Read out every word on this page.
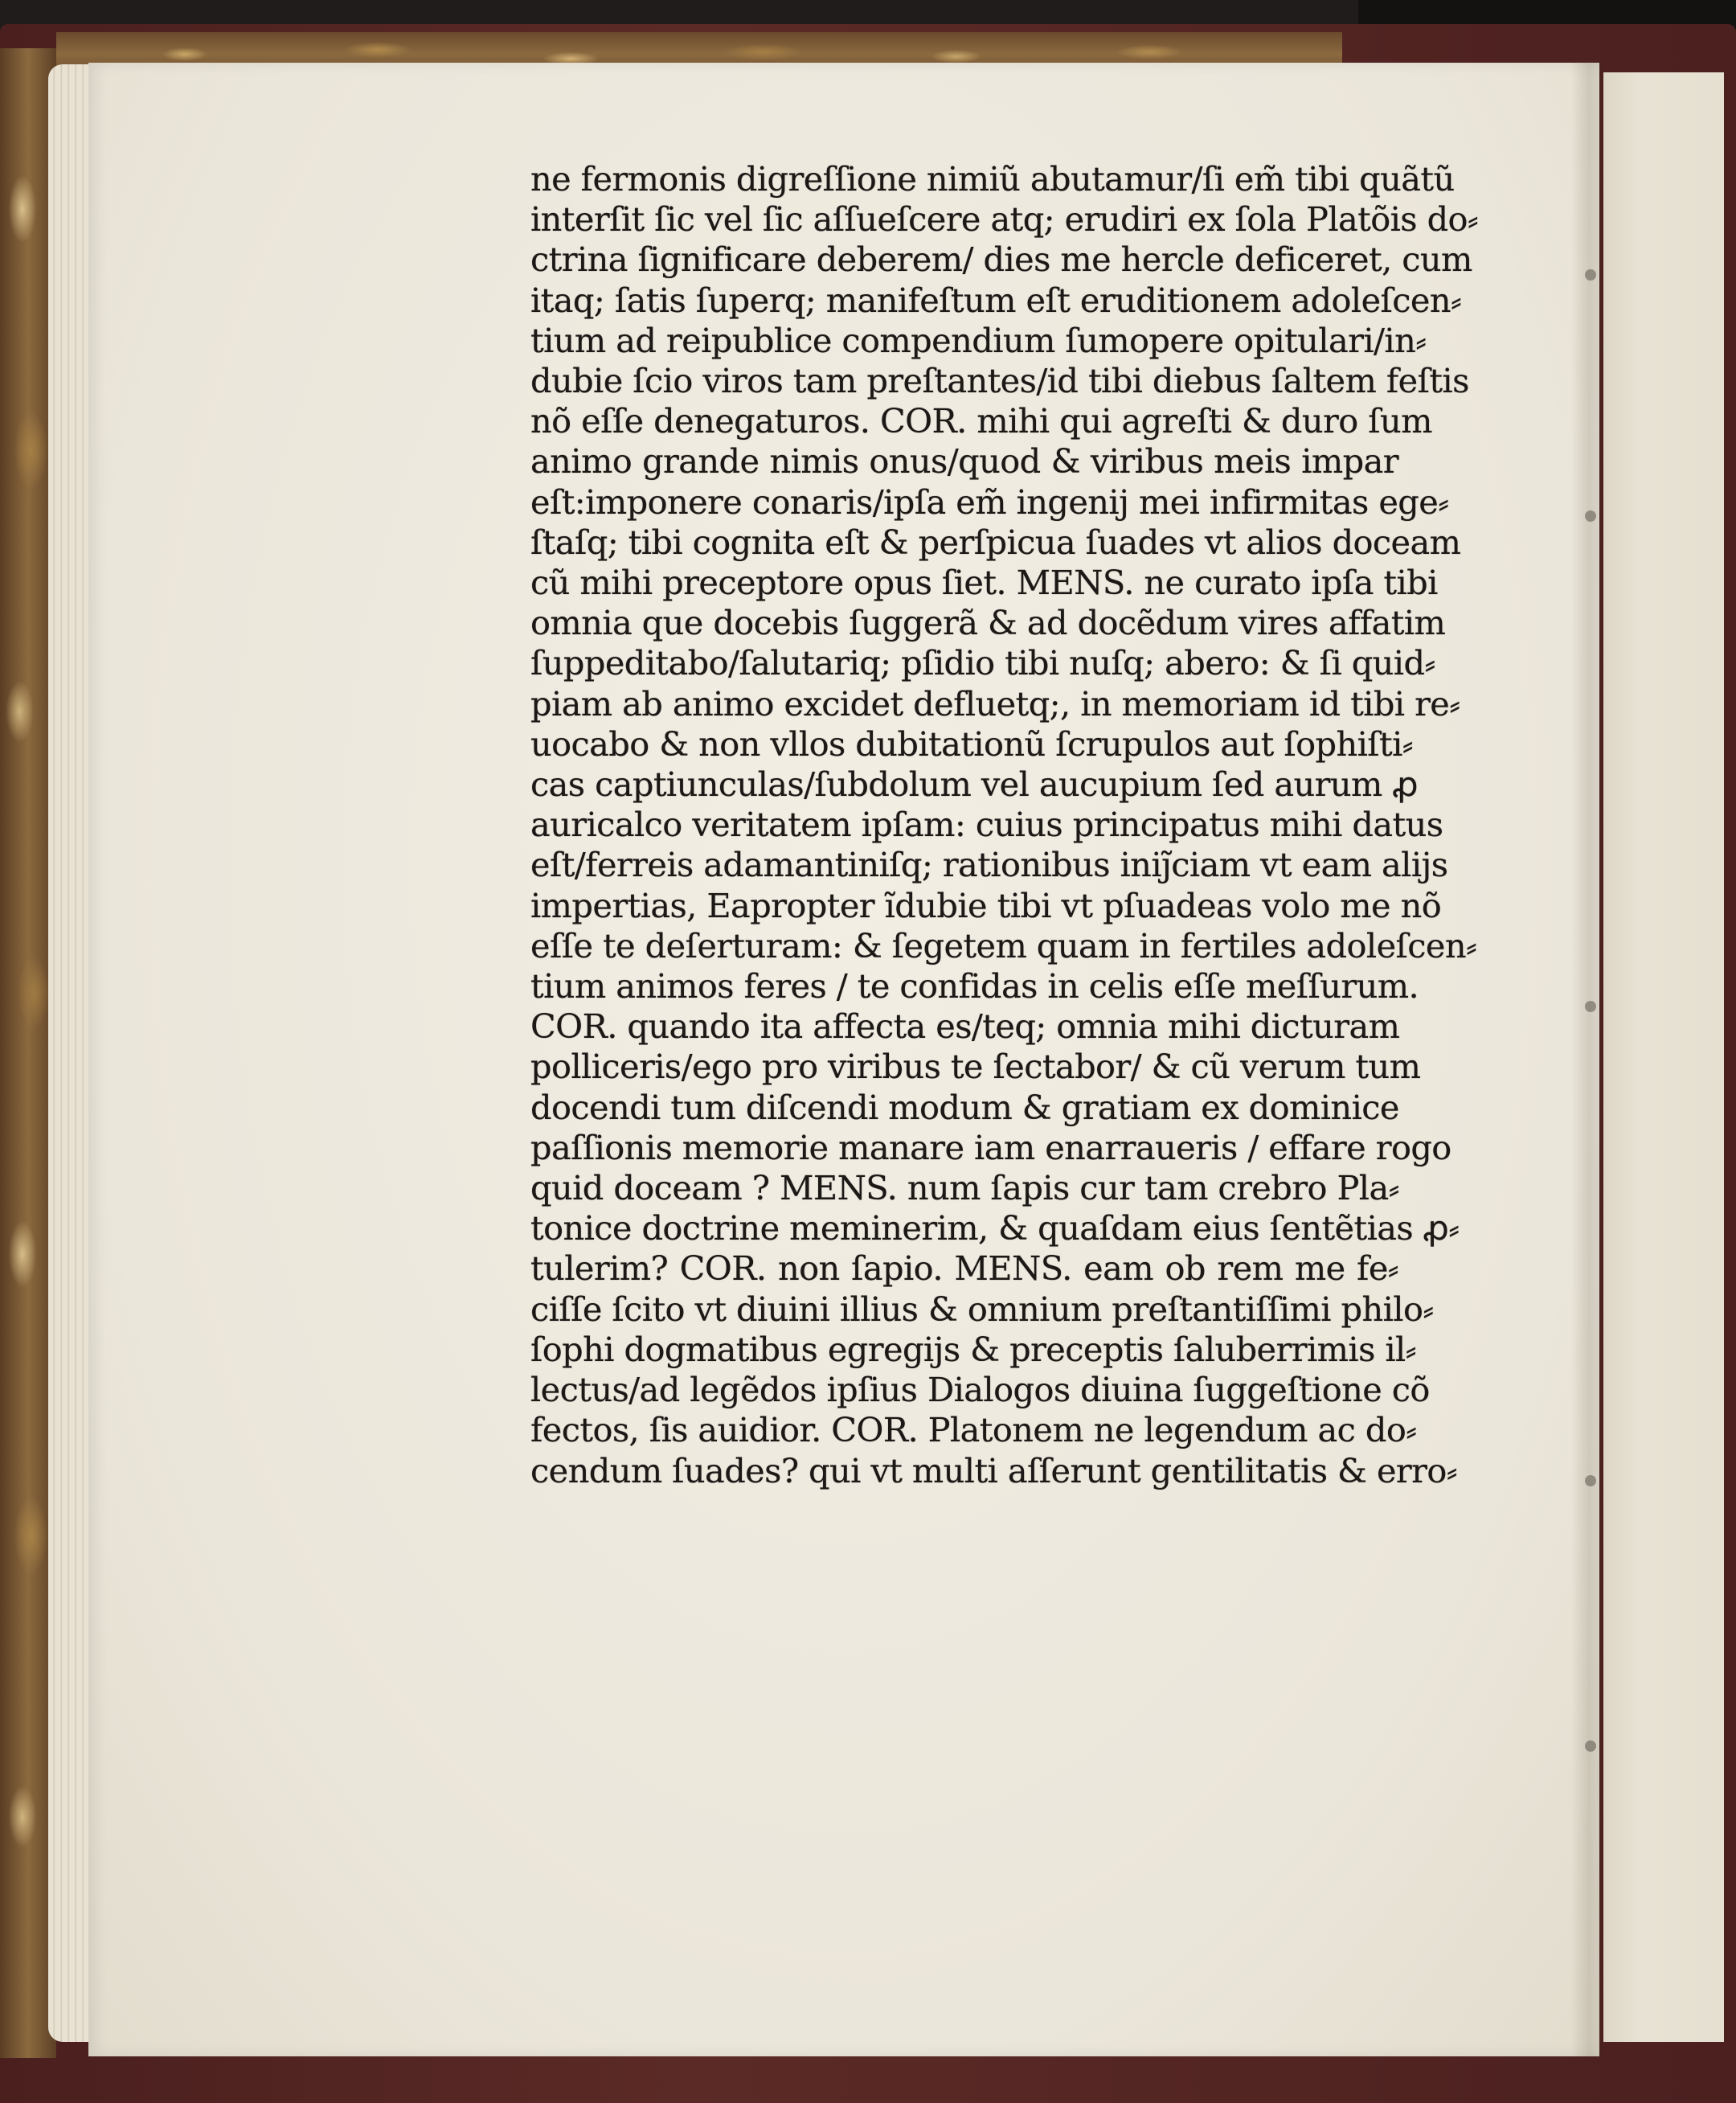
ne fermonis digreſſione nimiũ abutamur/ſi em̃ tibi quãtũ
interſit ſic vel ſic aſſueſcere atq; erudiri ex ſola Platõis do⸗
ctrina ſignificare deberem/ dies me hercle deficeret, cum
itaq; ſatis ſuperq; manifeſtum eſt eruditionem adoleſcen⸗
tium ad reipublice compendium ſumopere opitulari/in⸗
dubie ſcio viros tam preſtantes/id tibi diebus ſaltem feſtis
nõ eſſe denegaturos. COR. mihi qui agreſti & duro ſum
animo grande nimis onus/quod & viribus meis impar
eſt:imponere conaris/ipſa em̃ ingenij mei infirmitas ege⸗
ſtaſq; tibi cognita eſt & perſpicua ſuades vt alios doceam
cũ mihi preceptore opus ſiet. MENS. ne curato ipſa tibi
omnia que docebis ſuggerã & ad docẽdum vires affatim
ſuppeditabo/ſalutariq; pſidio tibi nuſq; abero: & ſi quid⸗
piam ab animo excidet defluetq;, in memoriam id tibi re⸗
uocabo & non vllos dubitationũ ſcrupulos aut ſophiſti⸗
cas captiunculas/ſubdolum vel aucupium ſed aurum ꝓ
auricalco veritatem ipſam: cuius principatus mihi datus
eſt/ferreis adamantiniſq; rationibus iniȷ̃ciam vt eam alijs
impertias, Eapropter ĩdubie tibi vt pſuadeas volo me nõ
eſſe te deſerturam: & ſegetem quam in fertiles adoleſcen⸗
tium animos feres / te confidas in celis eſſe meſſurum.
COR. quando ita affecta es/teq; omnia mihi dicturam
polliceris/ego pro viribus te ſectabor/ & cũ verum tum
docendi tum diſcendi modum & gratiam ex dominice
paſſionis memorie manare iam enarraueris / effare rogo
quid doceam ? MENS. num ſapis cur tam crebro Pla⸗
tonice doctrine meminerim, & quaſdam eius ſentẽtias ꝓ⸗
tulerim? COR. non ſapio. MENS. eam ob rem me fe⸗
ciſſe ſcito vt diuini illius & omnium preſtantiſſimi philo⸗
ſophi dogmatibus egregijs & preceptis ſaluberrimis il⸗
lectus/ad legẽdos ipſius Dialogos diuina ſuggeſtione cõ
fectos, ſis auidior. COR. Platonem ne legendum ac do⸗
cendum ſuades? qui vt multi aſſerunt gentilitatis & erro⸗
